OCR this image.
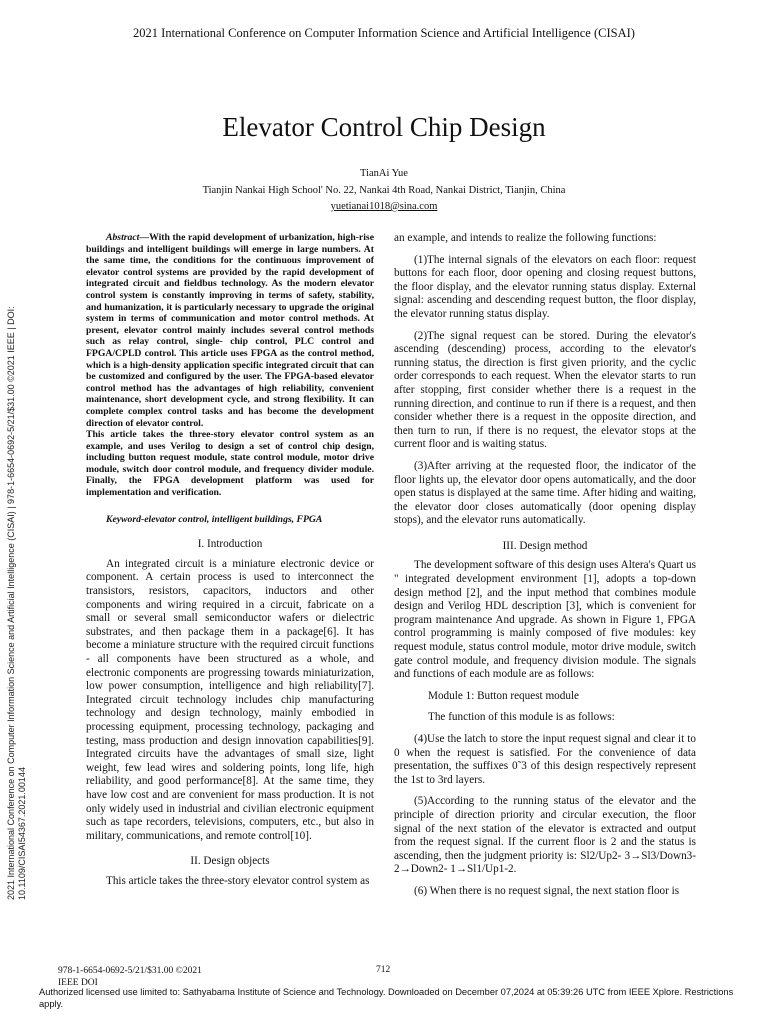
2021 International Conference on Computer Information Science and Artificial Intelligence (CISAI)
Elevator Control Chip Design
TianAi Yue
Tianjin Nankai High School' No. 22, Nankai 4th Road, Nankai District, Tianjin, China
yuetianai1018@sina.com
2021 International Conference on Computer Information Science and Artificial Intelligence (CISAI) | 978-1-6654-0692-5/21/$31.00 ©2021 IEEE | DOI: 10.1109/CISAI54367.2021.00144

Abstract—With the rapid development of urbanization, high-rise buildings and intelligent buildings will emerge in large numbers. At the same time, the conditions for the continuous improvement of elevator control systems are provided by the rapid development of integrated circuit and fieldbus technology. As the modern elevator control system is constantly improving in terms of safety, stability, and humanization, it is particularly necessary to upgrade the original system in terms of communication and motor control methods. At present, elevator control mainly includes several control methods such as relay control, single- chip control, PLC control and FPGA/CPLD control. This article uses FPGA as the control method, which is a high-density application specific integrated circuit that can be customized and configured by the user. The FPGA-based elevator control method has the advantages of high reliability, convenient maintenance, short development cycle, and strong flexibility. It can complete complex control tasks and has become the development direction of elevator control.

This article takes the three-story elevator control system as an example, and uses Verilog to design a set of control chip design, including button request module, state control module, motor drive module, switch door control module, and frequency divider module. Finally, the FPGA development platform was used for implementation and verification.

Keyword-elevator control, intelligent buildings, FPGA
I. Introduction

An integrated circuit is a miniature electronic device or component. A certain process is used to interconnect the transistors, resistors, capacitors, inductors and other components and wiring required in a circuit, fabricate on a small or several small semiconductor wafers or dielectric substrates, and then package them in a package[6]. It has become a miniature structure with the required circuit functions - all components have been structured as a whole, and electronic components are progressing towards miniaturization, low power consumption, intelligence and high reliability[7]. Integrated circuit technology includes chip manufacturing technology and design technology, mainly embodied in processing equipment, processing technology, packaging and testing, mass production and design innovation capabilities[9]. Integrated circuits have the advantages of small size, light weight, few lead wires and soldering points, long life, high reliability, and good performance[8]. At the same time, they have low cost and are convenient for mass production. It is not only widely used in industrial and civilian electronic equipment such as tape recorders, televisions, computers, etc., but also in military, communications, and remote control[10].

II. Design objects

This article takes the three-story elevator control system as

an example, and intends to realize the following functions:

(1)The internal signals of the elevators on each floor: request buttons for each floor, door opening and closing request buttons, the floor display, and the elevator running status display. External signal: ascending and descending request button, the floor display, the elevator running status display.

(2)The signal request can be stored. During the elevator's ascending (descending) process, according to the elevator's running status, the direction is first given priority, and the cyclic order corresponds to each request. When the elevator starts to run after stopping, first consider whether there is a request in the running direction, and continue to run if there is a request, and then consider whether there is a request in the opposite direction, and then turn to run, if there is no request, the elevator stops at the current floor and is waiting status.

(3)After arriving at the requested floor, the indicator of the floor lights up, the elevator door opens automatically, and the door open status is displayed at the same time. After hiding and waiting, the elevator door closes automatically (door opening display stops), and the elevator runs automatically.

III. Design method

The development software of this design uses Altera's Quart us " integrated development environment [1], adopts a top-down design method [2], and the input method that combines module design and Verilog HDL description [3], which is convenient for program maintenance And upgrade. As shown in Figure 1, FPGA control programming is mainly composed of five modules: key request module, status control module, motor drive module, switch gate control module, and frequency division module. The signals and functions of each module are as follows:

Module 1: Button request module

The function of this module is as follows:

(4)Use the latch to store the input request signal and clear it to 0 when the request is satisfied. For the convenience of data presentation, the suffixes 0˜3 of this design respectively represent the 1st to 3rd layers.

(5)According to the running status of the elevator and the principle of direction priority and circular execution, the floor signal of the next station of the elevator is extracted and output from the request signal. If the current floor is 2 and the status is ascending, then the judgment priority is: Sl2/Up2- 3→Sl3/Down3-2→Down2- 1→Sl1/Up1-2.

(6) When there is no request signal, the next station floor is

978-1-6654-0692-5/21/$31.00 ©2021
IEEE DOI
712
Authorized licensed use limited to: Sathyabama Institute of Science and Technology. Downloaded on December 07,2024 at 05:39:26 UTC from IEEE Xplore. Restrictions apply.
